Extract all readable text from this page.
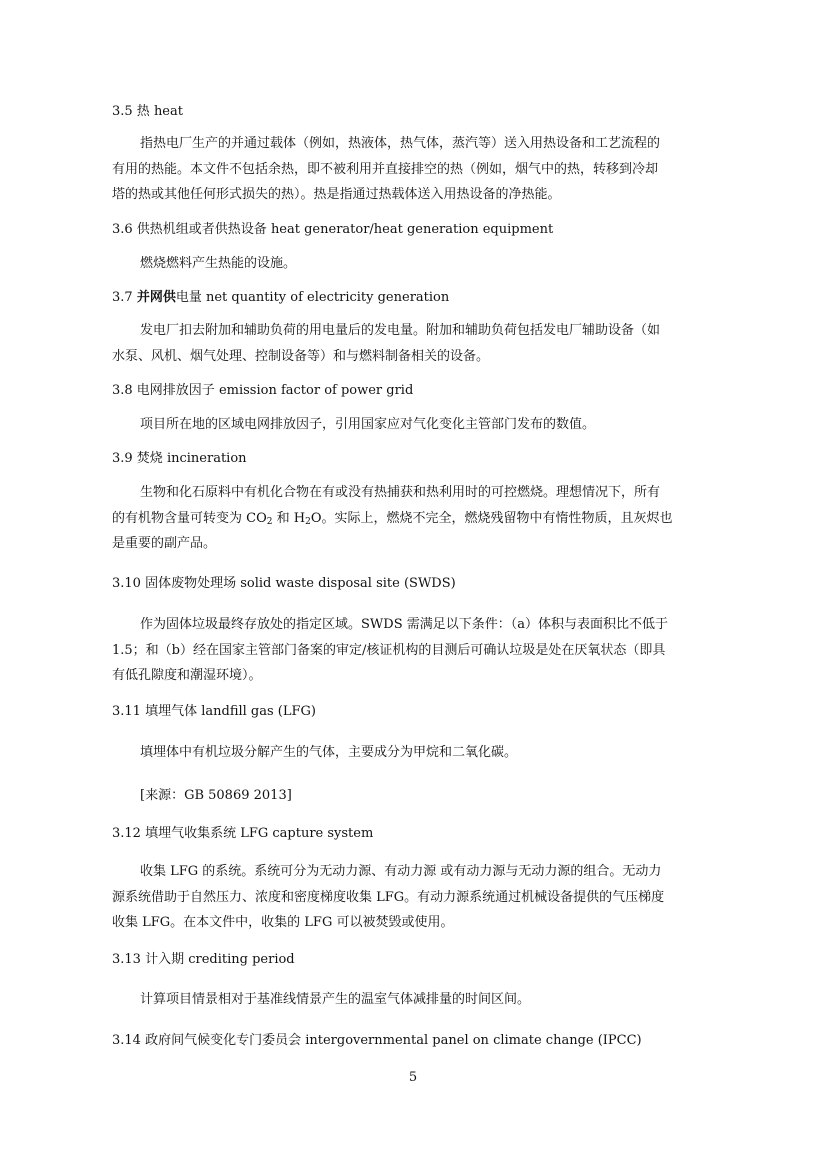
3.5 热 heat
指热电厂生产的并通过载体（例如，热液体，热气体，蒸汽等）送入用热设备和工艺流程的
有用的热能。本文件不包括余热，即不被利用并直接排空的热（例如，烟气中的热，转移到冷却
塔的热或其他任何形式损失的热）。热是指通过热载体送入用热设备的净热能。
3.6 供热机组或者供热设备 heat generator/heat generation equipment
燃烧燃料产生热能的设施。
3.7 并网供电量 net quantity of electricity generation
发电厂扣去附加和辅助负荷的用电量后的发电量。附加和辅助负荷包括发电厂辅助设备（如
水泵、风机、烟气处理、控制设备等）和与燃料制备相关的设备。
3.8 电网排放因子 emission factor of power grid
项目所在地的区域电网排放因子，引用国家应对气化变化主管部门发布的数值。
3.9 焚烧 incineration
生物和化石原料中有机化合物在有或没有热捕获和热利用时的可控燃烧。理想情况下，所有
的有机物含量可转变为 $CO_2$ 和 $H_2O$。实际上，燃烧不完全，燃烧残留物中有惰性物质，且灰烬也
是重要的副产品。
3.10 固体废物处理场 solid waste disposal site (SWDS)
作为固体垃圾最终存放处的指定区域。SWDS 需满足以下条件：（a）体积与表面积比不低于
1.5；和（b）经在国家主管部门备案的审定/核证机构的目测后可确认垃圾是处在厌氧状态（即具
有低孔隙度和潮湿环境）。
3.11 填埋气体 landfill gas (LFG)
填埋体中有机垃圾分解产生的气体，主要成分为甲烷和二氧化碳。
[来源：GB 50869 2013]
3.12 填埋气收集系统 LFG capture system
收集 LFG 的系统。系统可分为无动力源、有动力源 或有动力源与无动力源的组合。无动力
源系统借助于自然压力、浓度和密度梯度收集 LFG。有动力源系统通过机械设备提供的气压梯度
收集 LFG。在本文件中，收集的 LFG 可以被焚毁或使用。
3.13 计入期 crediting period
计算项目情景相对于基准线情景产生的温室气体减排量的时间区间。
3.14 政府间气候变化专门委员会 intergovernmental panel on climate change (IPCC)
5
